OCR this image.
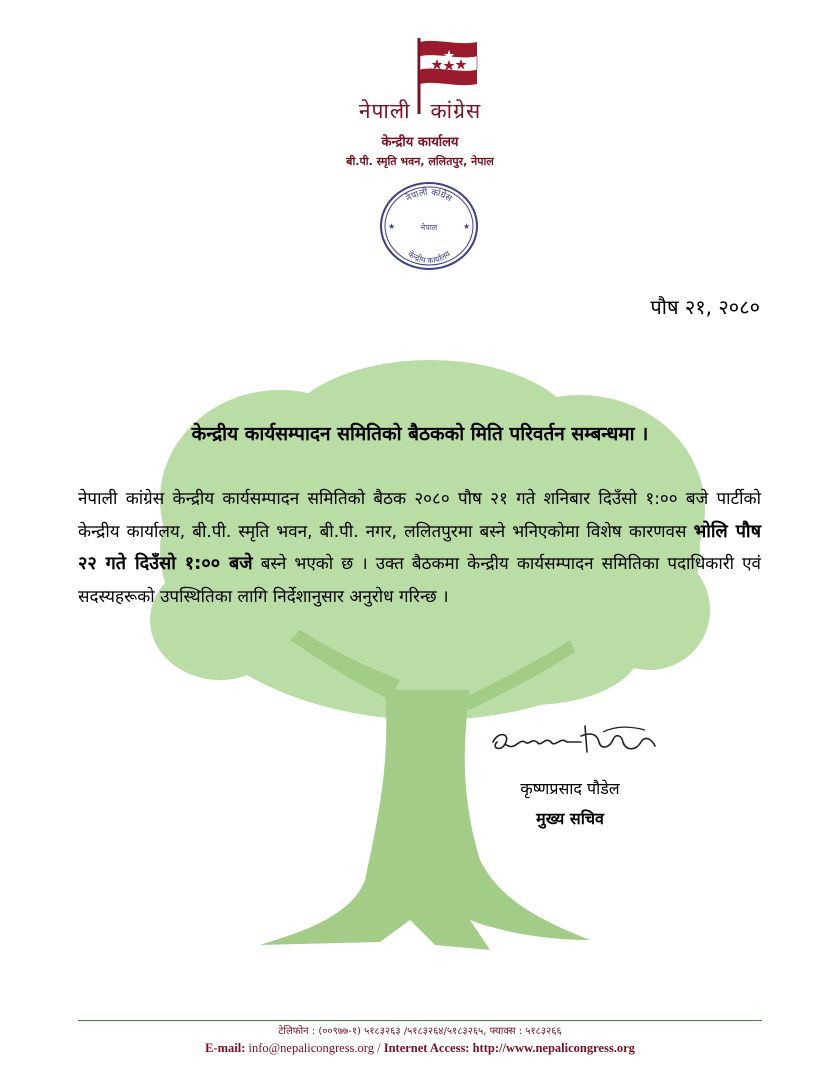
नेपाली कांग्रेस
केन्द्रीय कार्यालय
बी.पी. स्मृति भवन, ललितपुर, नेपाल
नेपाली कांग्रेस
केन्द्रीय कार्यालय
नेपाल
★	★
पौष २१, २०८०
केन्द्रीय कार्यसम्पादन समितिको बैठकको मिति परिवर्तन सम्बन्धमा ।
नेपाली कांग्रेस केन्द्रीय कार्यसम्पादन समितिको बैठक २०८० पौष २१ गते शनिबार दिउँसो १:०० बजे पार्टीको केन्द्रीय कार्यालय, बी.पी. स्मृति भवन, बी.पी. नगर, ललितपुरमा बस्ने भनिएकोमा विशेष कारणवस भोलि पौष २२ गते दिउँसो १:०० बजे बस्ने भएको छ । उक्त बैठकमा केन्द्रीय कार्यसम्पादन समितिका पदाधिकारी एवं सदस्यहरूको उपस्थितिका लागि निर्देशानुसार अनुरोध गरिन्छ ।
कृष्णप्रसाद पौडेल
मुख्य सचिव
टेलिफोन : (००९७७-१) ५१८३२६३ /५१८३२६४/५१८३२६५, फ्याक्स : ५१८३२६६
E-mail: info@nepalicongress.org / Internet Access: http://www.nepalicongress.org
